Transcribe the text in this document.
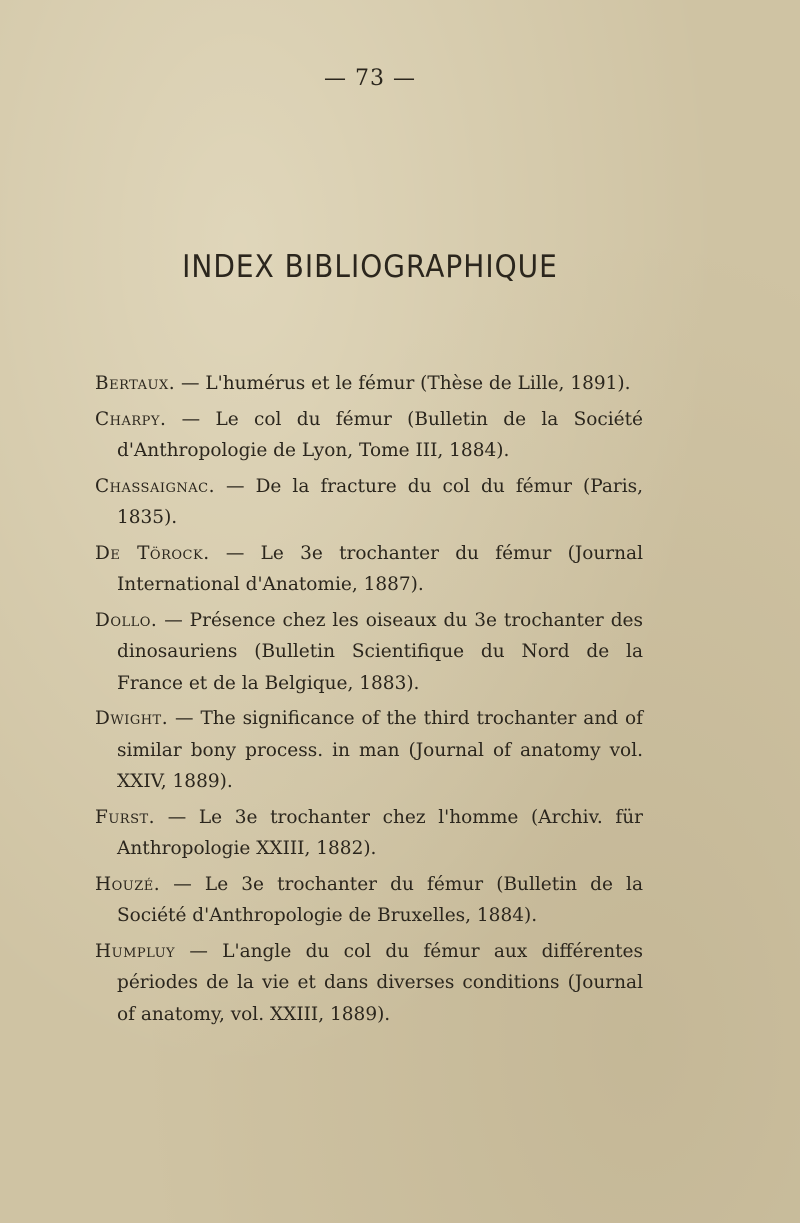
— 73 —
INDEX BIBLIOGRAPHIQUE

Bertaux. — L'humérus et le fémur (Thèse de Lille, 1891).

Charpy. — Le col du fémur (Bulletin de la Société d'Anthropologie de Lyon, Tome III, 1884).

Chassaignac. — De la fracture du col du fémur (Paris, 1835).

De Törock. — Le 3e trochanter du fémur (Journal International d'Anatomie, 1887).

Dollo. — Présence chez les oiseaux du 3e trochanter des dinosauriens (Bulletin Scientifique du Nord de la France et de la Belgique, 1883).

Dwight. — The significance of the third trochanter and of similar bony process. in man (Journal of anatomy vol. XXIV, 1889).

Furst. — Le 3e trochanter chez l'homme (Archiv. für Anthropologie XXIII, 1882).

Houzé. — Le 3e trochanter du fémur (Bulletin de la Société d'Anthropologie de Bruxelles, 1884).

Humpluy — L'angle du col du fémur aux différentes périodes de la vie et dans diverses conditions (Journal of anatomy, vol. XXIII, 1889).
